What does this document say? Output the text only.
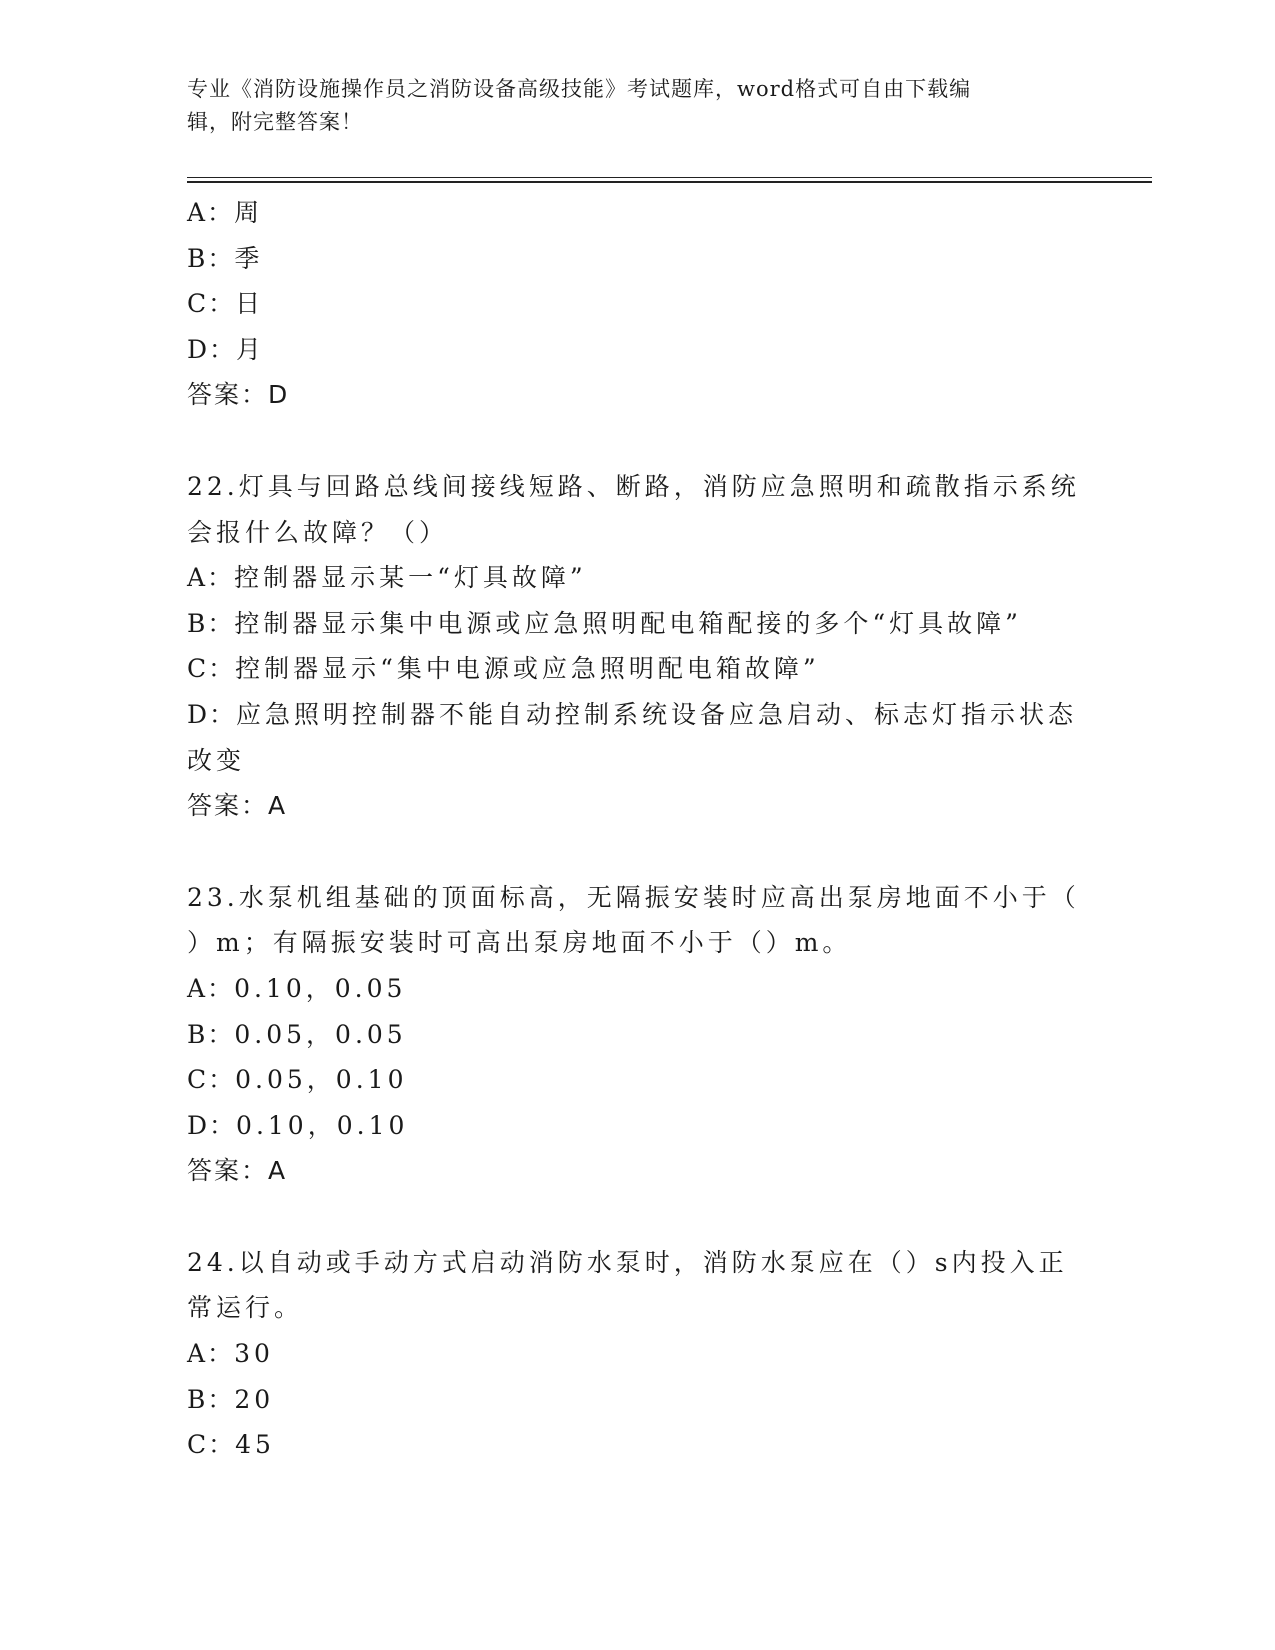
专业《消防设施操作员之消防设备高级技能》考试题库，word格式可自由下载编
辑，附完整答案！
A：周
B：季
C：日
D：月
答案：D
22.灯具与回路总线间接线短路、断路，消防应急照明和疏散指示系统
会报什么故障？（）
A：控制器显示某一“灯具故障”
B：控制器显示集中电源或应急照明配电箱配接的多个“灯具故障”
C：控制器显示“集中电源或应急照明配电箱故障”
D：应急照明控制器不能自动控制系统设备应急启动、标志灯指示状态
改变
答案：A
23.水泵机组基础的顶面标高，无隔振安装时应高出泵房地面不小于（
）m；有隔振安装时可高出泵房地面不小于（）m。
A：0.10，0.05
B：0.05，0.05
C：0.05，0.10
D：0.10，0.10
答案：A
24.以自动或手动方式启动消防水泵时，消防水泵应在（）s内投入正
常运行。
A：30
B：20
C：45
